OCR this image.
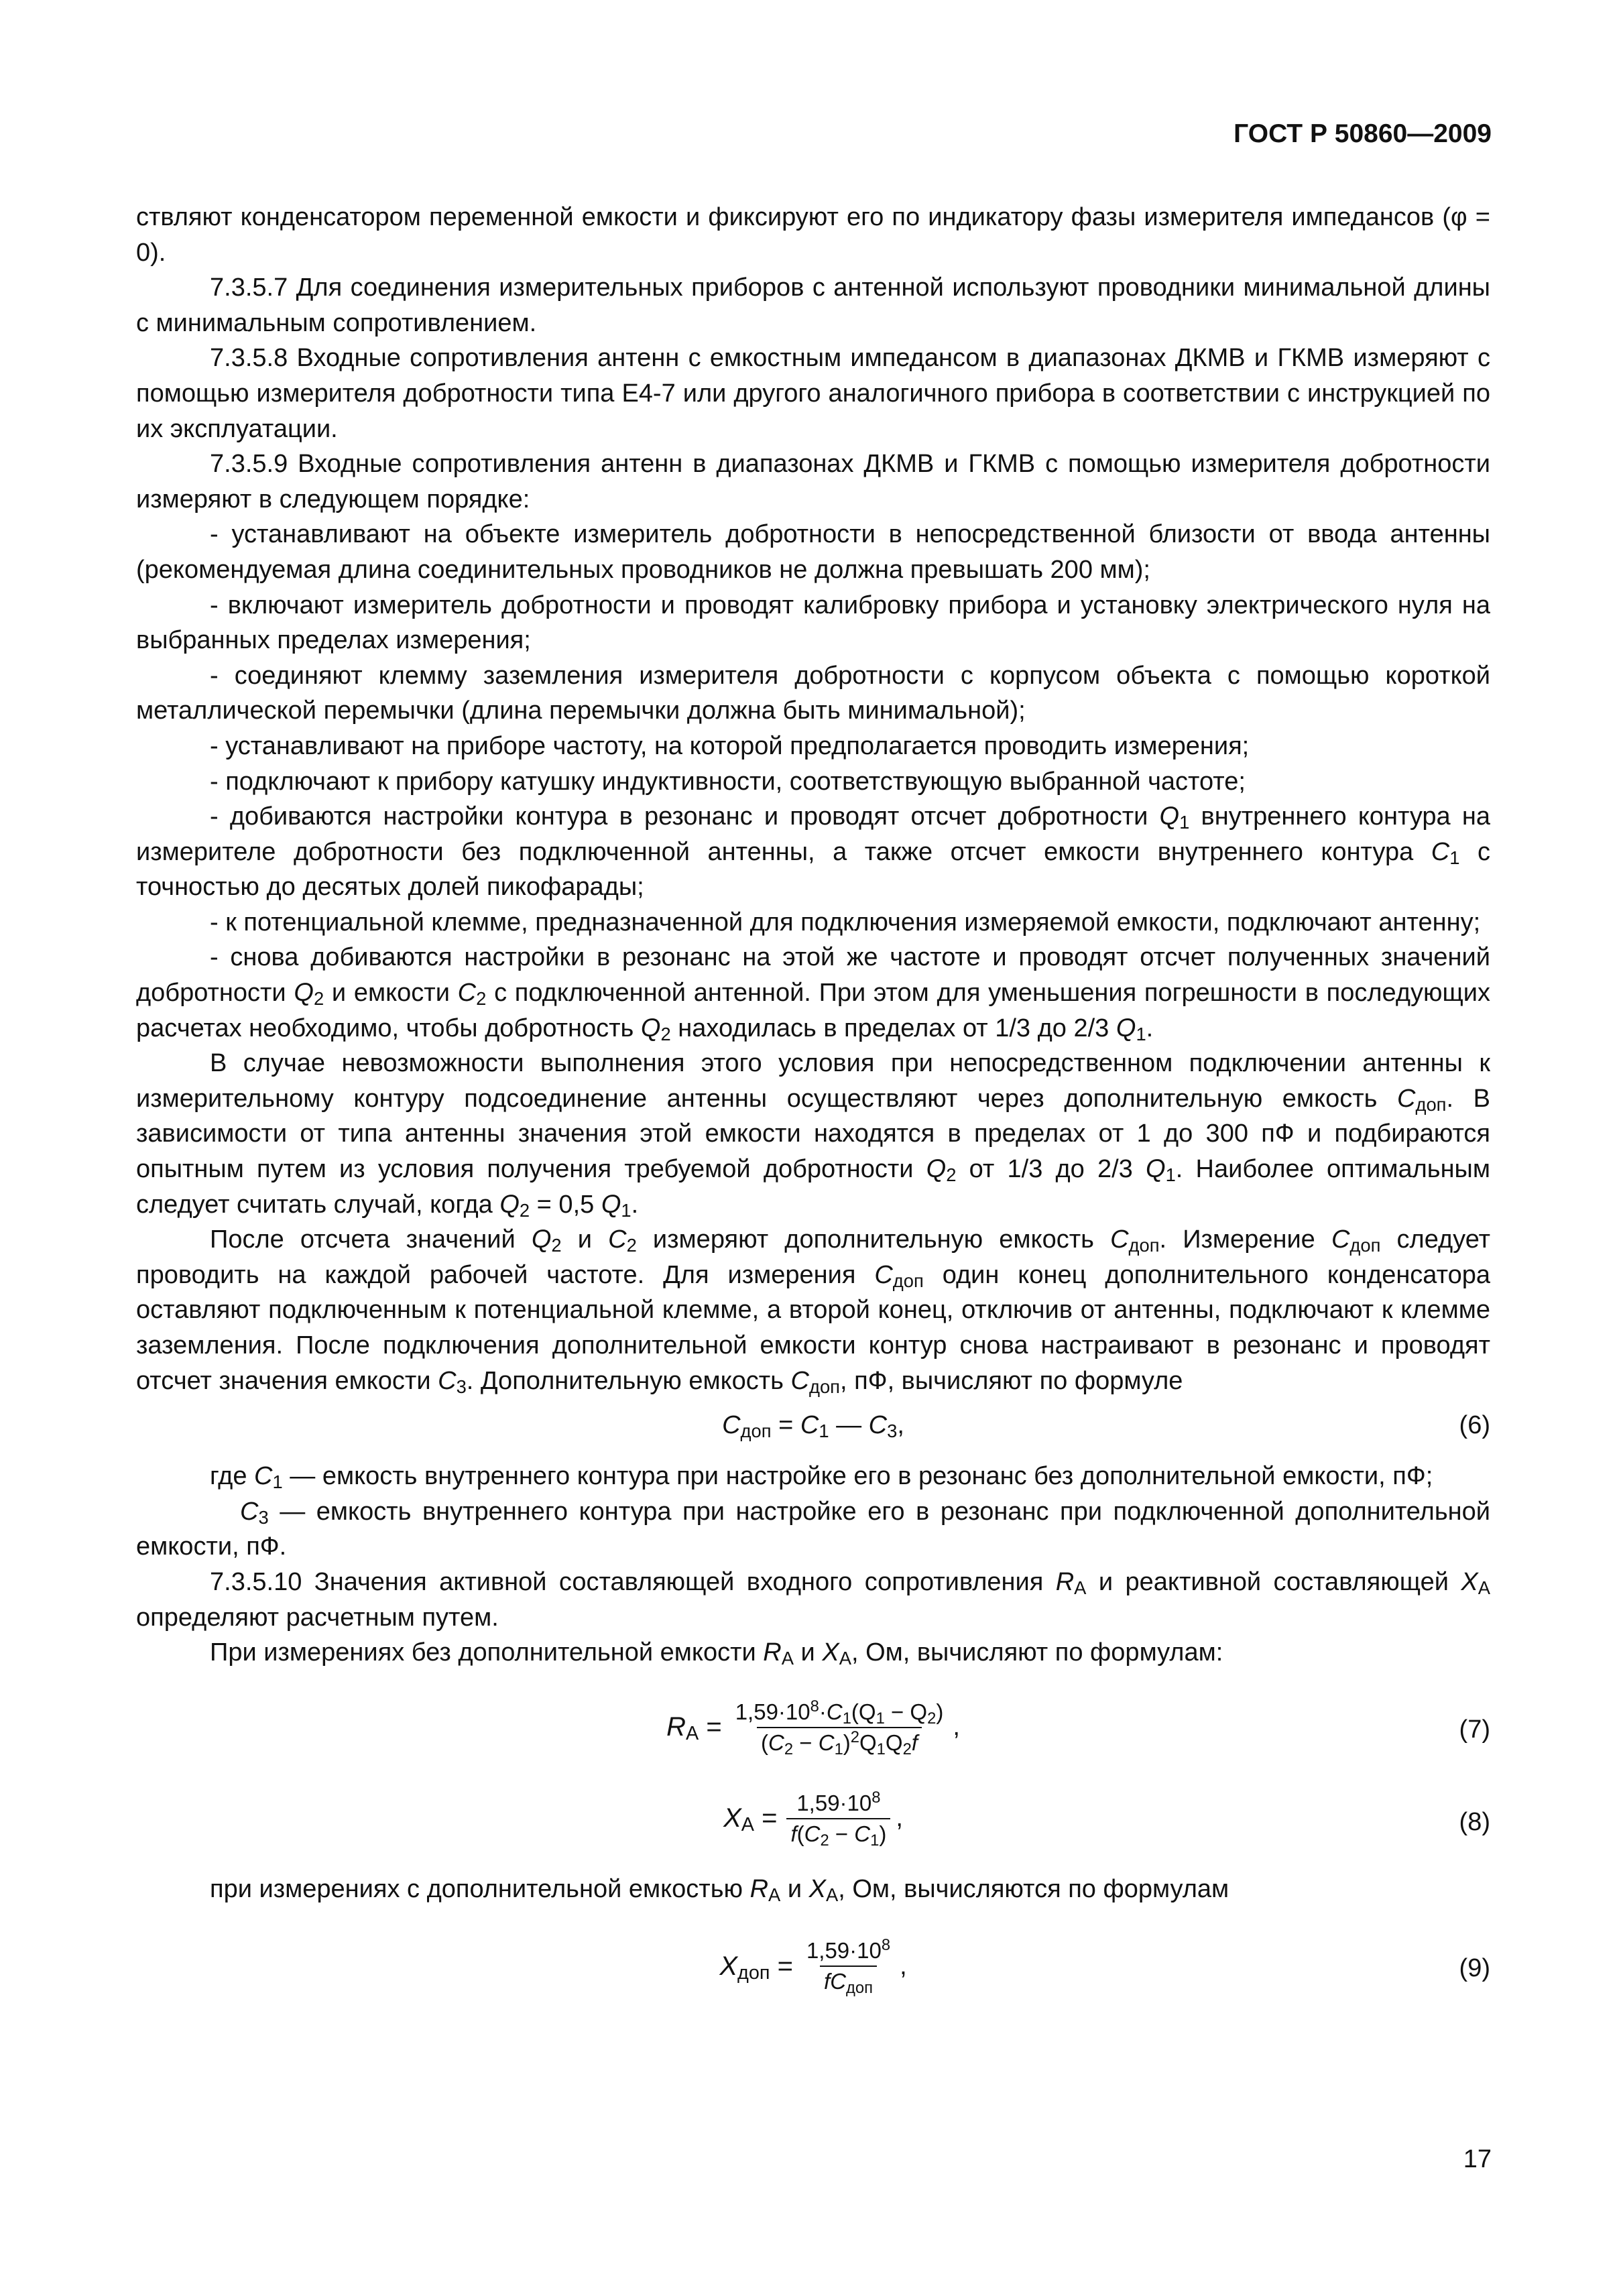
ГОСТ Р 50860—2009

ствляют конденсатором переменной емкости и фиксируют его по индикатору фазы измерителя импеданcов (φ = 0).

7.3.5.7 Для соединения измерительных приборов с антенной используют проводники минимальной длины с минимальным сопротивлением.

7.3.5.8 Входные сопротивления антенн с емкостным импедансом в диапазонах ДКМВ и ГКМВ измеряют с помощью измерителя добротности типа Е4-7 или другого аналогичного прибора в соответствии с инструкцией по их эксплуатации.

7.3.5.9 Входные сопротивления антенн в диапазонах ДКМВ и ГКМВ с помощью измерителя добротности измеряют в следующем порядке:

- устанавливают на объекте измеритель добротности в непосредственной близости от ввода антенны (рекомендуемая длина соединительных проводников не должна превышать 200 мм);

- включают измеритель добротности и проводят калибровку прибора и установку электрического нуля на выбранных пределах измерения;

- соединяют клемму заземления измерителя добротности с корпусом объекта с помощью короткой металлической перемычки (длина перемычки должна быть минимальной);

- устанавливают на приборе частоту, на которой предполагается проводить измерения;

- подключают к прибору катушку индуктивности, соответствующую выбранной частоте;

- добиваются настройки контура в резонанс и проводят отсчет добротности $Q_1$ внутреннего контура на измерителе добротности без подключенной антенны, а также отсчет емкости внутреннего контура $C_1$ с точностью до десятых долей пикофарады;

- к потенциальной клемме, предназначенной для подключения измеряемой емкости, подключают антенну;

- снова добиваются настройки в резонанс на этой же частоте и проводят отсчет полученных значений добротности $Q_2$ и емкости $C_2$ с подключенной антенной. При этом для уменьшения погрешности в последующих расчетах необходимо, чтобы добротность $Q_2$ находилась в пределах от 1/3 до 2/3 $Q_1$.

В случае невозможности выполнения этого условия при непосредственном подключении антенны к измерительному контуру подсоединение антенны осуществляют через дополнительную емкость $C_{доп}$. В зависимости от типа антенны значения этой емкости находятся в пределах от 1 до 300 пФ и подбираются опытным путем из условия получения требуемой добротности $Q_2$ от 1/3 до 2/3 $Q_1$. Наиболее оптимальным следует считать случай, когда $Q_2 = 0,5$ $Q_1$.

После отсчета значений $Q_2$ и $C_2$ измеряют дополнительную емкость $C_{доп}$. Измерение $C_{доп}$ следует проводить на каждой рабочей частоте. Для измерения $C_{доп}$ один конец дополнительного конденсатора оставляют подключенным к потенциальной клемме, а второй конец, отключив от антенны, подключают к клемме заземления. После подключения дополнительной емкости контур снова настраивают в резонанс и проводят отсчет значения емкости $C_3$. Дополнительную емкость $C_{доп}$, пФ, вычисляют по формуле

$C_{доп} = C_1$ — $C_3$,	(6)

где $C_1$ — емкость внутреннего контура при настройке его в резонанс без дополнительной емкости, пФ;

$C_3$ — емкость внутреннего контура при настройке его в резонанс при подключенной дополнительной емкости, пФ.

7.3.5.10 Значения активной составляющей входного сопротивления $R_А$ и реактивной составляющей $X_А$ определяют расчетным путем.

При измерениях без дополнительной емкости $R_А$ и $X_А$, Ом, вычисляют по формулам:

$R_А = \frac{1,59\cdot 10^8\cdot C_1(Q_1 - Q_2)}{(C_2 - C_1)^2Q_1Q_2f}$ ,	(7)
$X_А = \frac{1,59\cdot 10^8}{f(C_2 - C_1)}$ ,	(8)

при измерениях с дополнительной емкостью $R_А$ и $X_А$, Ом, вычисляются по формулам

$X_{доп} = \frac{1,59\cdot 10^8}{fC_{доп}}$ ,	(9)
17
